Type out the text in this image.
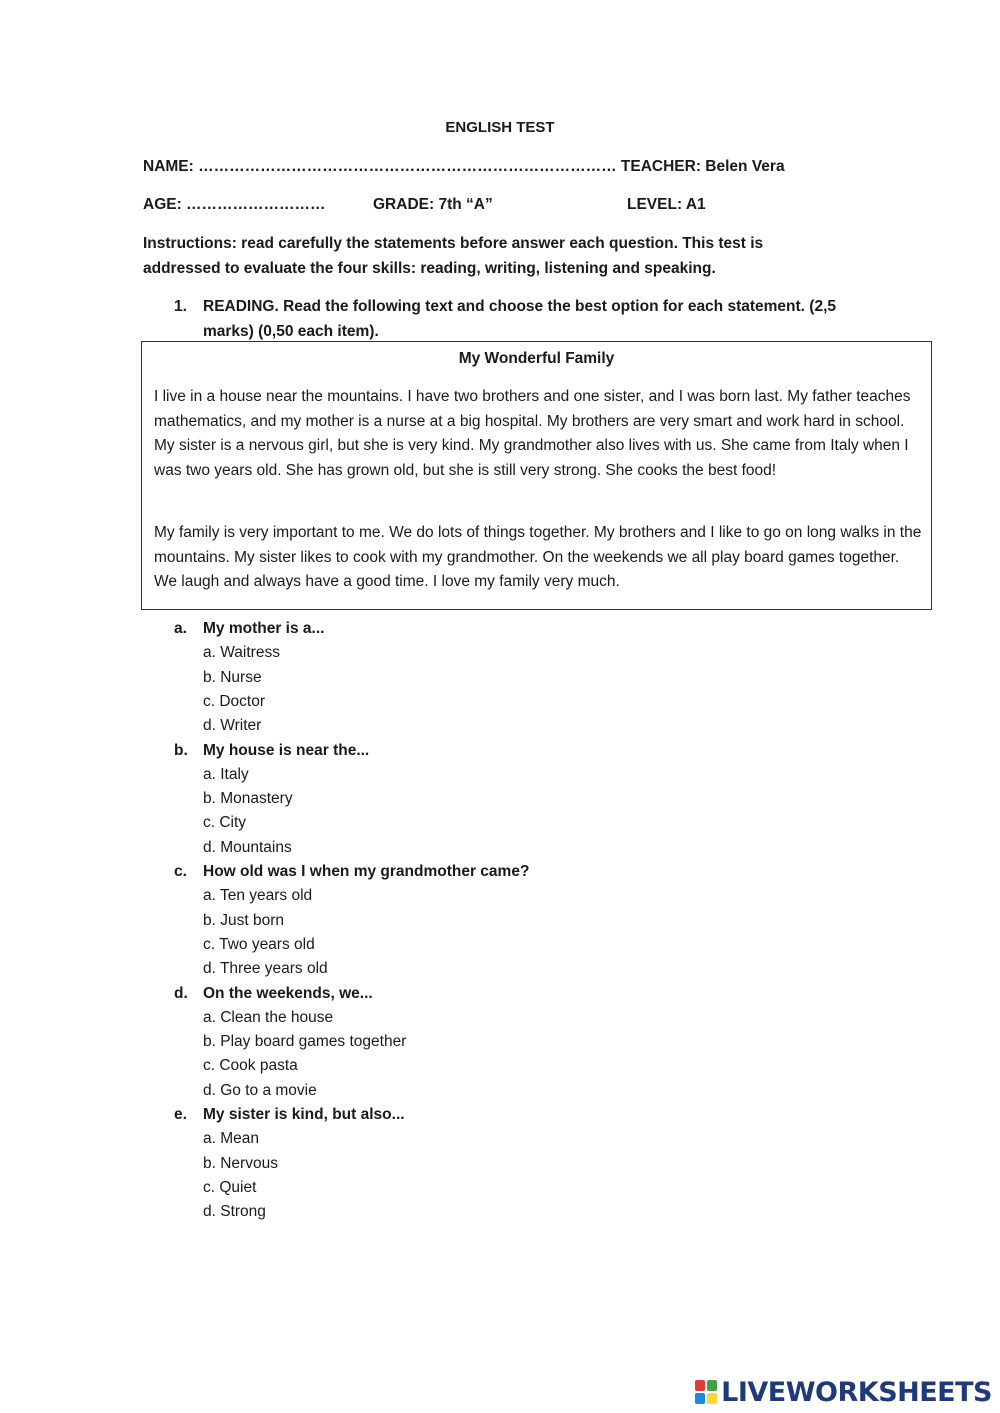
ENGLISH TEST
NAME: ……………………………………………………………………… TEACHER: Belen Vera
AGE: ………………………	GRADE: 7th “A”	LEVEL: A1
Instructions: read carefully the statements before answer each question. This test is addressed to evaluate the four skills: reading, writing, listening and speaking.
1. READING. Read the following text and choose the best option for each statement. (2,5 marks) (0,50 each item).
My Wonderful Family
I live in a house near the mountains. I have two brothers and one sister, and I was born last. My father teaches mathematics, and my mother is a nurse at a big hospital. My brothers are very smart and work hard in school. My sister is a nervous girl, but she is very kind. My grandmother also lives with us. She came from Italy when I was two years old. She has grown old, but she is still very strong. She cooks the best food!
My family is very important to me. We do lots of things together. My brothers and I like to go on long walks in the mountains. My sister likes to cook with my grandmother. On the weekends we all play board games together. We laugh and always have a good time. I love my family very much.
a. My mother is a...
a. Waitress
b. Nurse
c. Doctor
d. Writer
b. My house is near the...
a. Italy
b. Monastery
c. City
d. Mountains
c. How old was I when my grandmother came?
a. Ten years old
b. Just born
c. Two years old
d. Three years old
d. On the weekends, we...
a. Clean the house
b. Play board games together
c. Cook pasta
d. Go to a movie
e. My sister is kind, but also...
a. Mean
b. Nervous
c. Quiet
d. Strong
LIVEWORKSHEETS
